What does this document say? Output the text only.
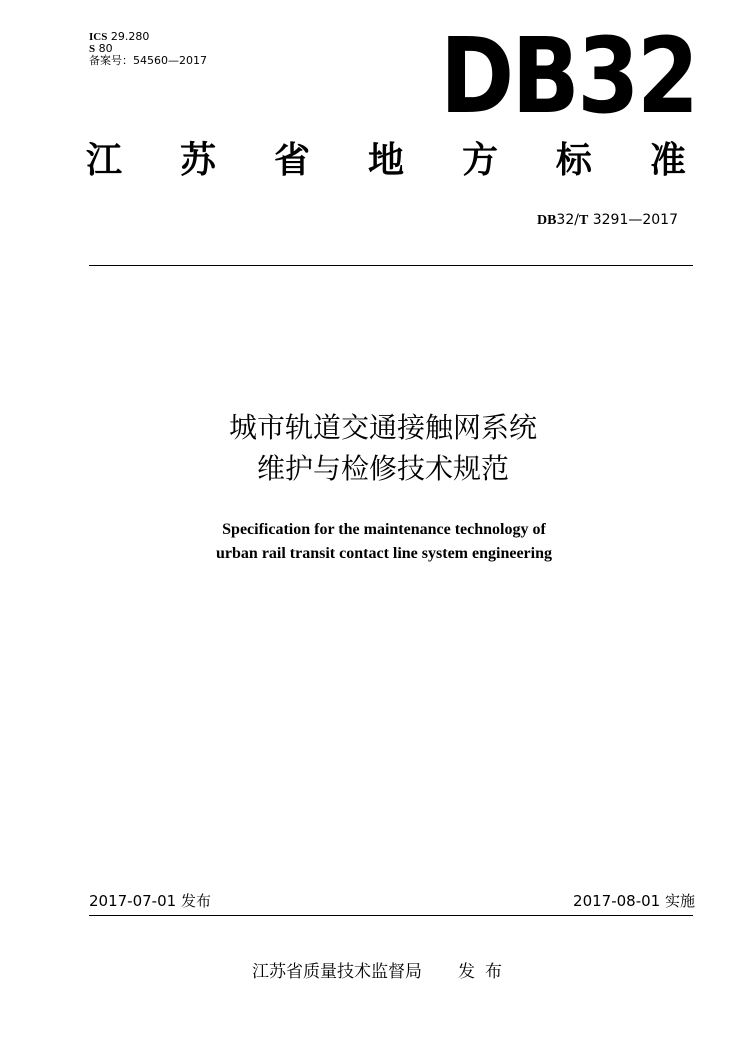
ICS 29.280
S 80
备案号：54560—2017 DB32
江 苏 省 地 方 标 准
DB32/T 3291—2017
城市轨道交通接触网系统
维护与检修技术规范
Specification for the maintenance technology of
urban rail transit contact line system engineering
2017-07-01 发布	2017-08-01 实施
江苏省质量技术监督局 发布
